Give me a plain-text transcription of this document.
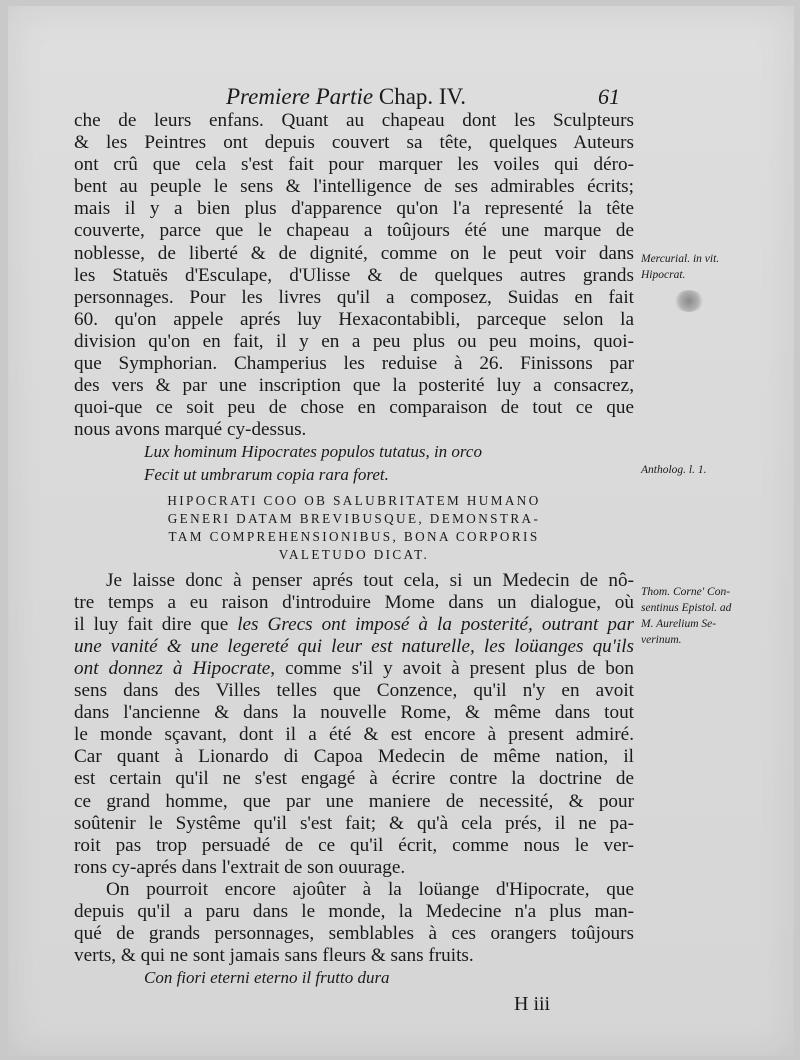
Premiere Partie Chap. IV.	61
che de leurs enfans. Quant au chapeau dont les Sculpteurs
& les Peintres ont depuis couvert sa tête, quelques Auteurs
ont crû que cela s'est fait pour marquer les voiles qui déro-
bent au peuple le sens & l'intelligence de ses admirables écrits;
mais il y a bien plus d'apparence qu'on l'a representé la tête
couverte, parce que le chapeau a toûjours été une marque de
noblesse, de liberté & de dignité, comme on le peut voir dans
les Statuës d'Esculape, d'Ulisse & de quelques autres grands
personnages. Pour les livres qu'il a composez, Suidas en fait
60. qu'on appele aprés luy Hexacontabibli, parceque selon la
division qu'on en fait, il y en a peu plus ou peu moins, quoi-
que Symphorian. Champerius les reduise à 26. Finissons par
des vers & par une inscription que la posterité luy a consacrez,
quoi-que ce soit peu de chose en comparaison de tout ce que
nous avons marqué cy-dessus.
Lux hominum Hipocrates populos tutatus, in orco
Fecit ut umbrarum copia rara foret.
HIPOCRATI COO OB SALUBRITATEM HUMANO
GENERI DATAM BREVIBUSQUE, DEMONSTRA-
TAM COMPREHENSIONIBUS, BONA CORPORIS
VALETUDO DICAT.
Je laisse donc à penser aprés tout cela, si un Medecin de nô-
tre temps a eu raison d'introduire Mome dans un dialogue, où
il luy fait dire que les Grecs ont imposé à la posterité, outrant par
une vanité & une legereté qui leur est naturelle, les loüanges qu'ils
ont donnez à Hipocrate, comme s'il y avoit à present plus de bon
sens dans des Villes telles que Conzence, qu'il n'y en avoit
dans l'ancienne & dans la nouvelle Rome, & même dans tout
le monde sçavant, dont il a été & est encore à present admiré.
Car quant à Lionardo di Capoa Medecin de même nation, il
est certain qu'il ne s'est engagé à écrire contre la doctrine de
ce grand homme, que par une maniere de necessité, & pour
soûtenir le Systême qu'il s'est fait; & qu'à cela prés, il ne pa-
roit pas trop persuadé de ce qu'il écrit, comme nous le ver-
rons cy-aprés dans l'extrait de son ouurage.
On pourroit encore ajoûter à la loüange d'Hipocrate, que
depuis qu'il a paru dans le monde, la Medecine n'a plus man-
qué de grands personnages, semblables à ces orangers toûjours
verts, & qui ne sont jamais sans fleurs & sans fruits.
Con fiori eterni eterno il frutto dura
H iii
Mercurial. in vit.
Hipocrat.
Antholog. l. 1.
Thom. Corne' Con-
sentinus Epistol. ad
M. Aurelium Se-
verinum.
